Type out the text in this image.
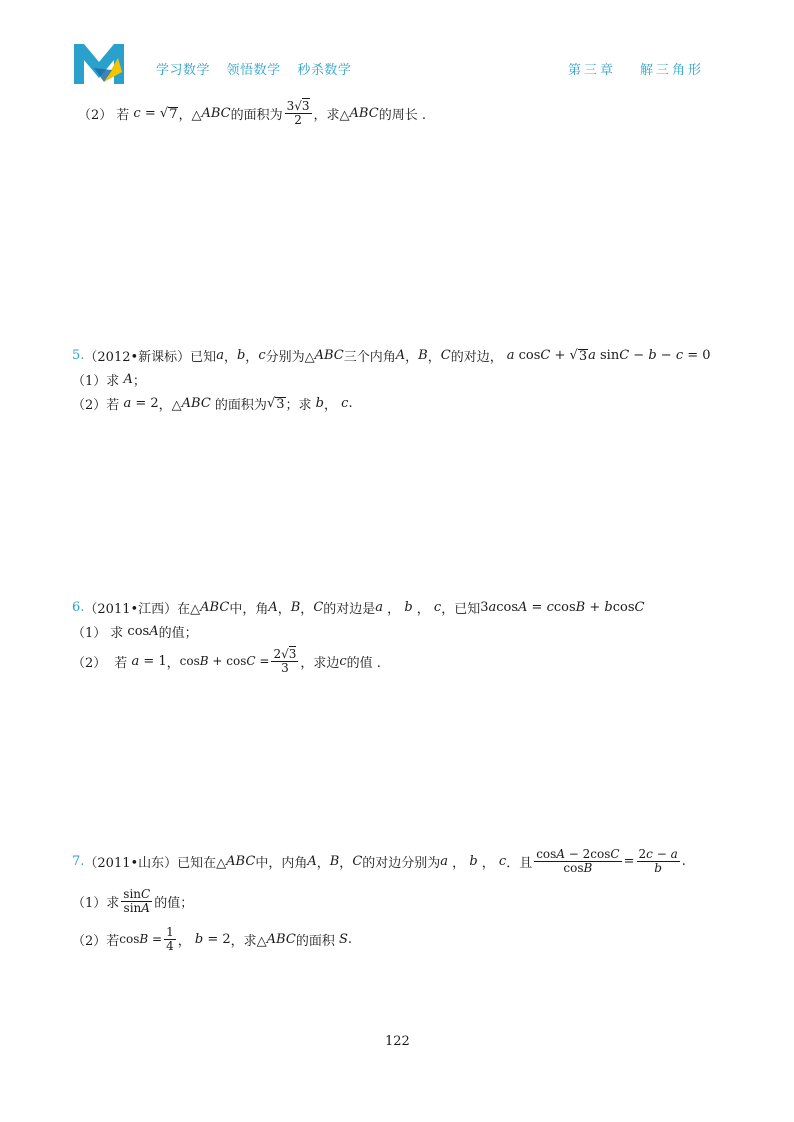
学习数学 领悟数学 秒杀数学	第三章 解三角形
（2） 若 c = √ 7 ，△ ABC 的面积为 $\frac{3√3}{2}$ ，求△ ABC 的周长 .
5. （2012•新课标） 已知 a ， b ， c 分别为△ ABC 三个内角 A ， B ， C 的对边， a cos C + √ 3 a sin C − b − c = 0
（1） 求
A ；
（2） 若
a = 2 ，△ ABC
的面积为 √ 3 ；求
b ，
c .
6. （2011•江西） 在△ ABC 中，角 A ， B ， C 的对边是 a ， b ， c ，已知 3 a cos A = c cos B + b cos C
（1） 求 cos A 的值；
（2） 若
a = 1 ， $\cos B + \cos C = \frac{2√3}{3}$ ，求边 c 的值 .
7. （2011•山东） 已知在△ ABC 中，内角 A ， B ， C 的对边分别为 a ， b ， c ．且 $\frac{\cos A - 2\cos C}{\cos B} = \frac{2c - a}{b}$ .
（1） 求 $\frac{\sin C}{\sin A}$ 的值；
（2） 若 $\cos B = \frac{1}{4}$ ，
b = 2 ，求△ ABC 的面积
S .
122
